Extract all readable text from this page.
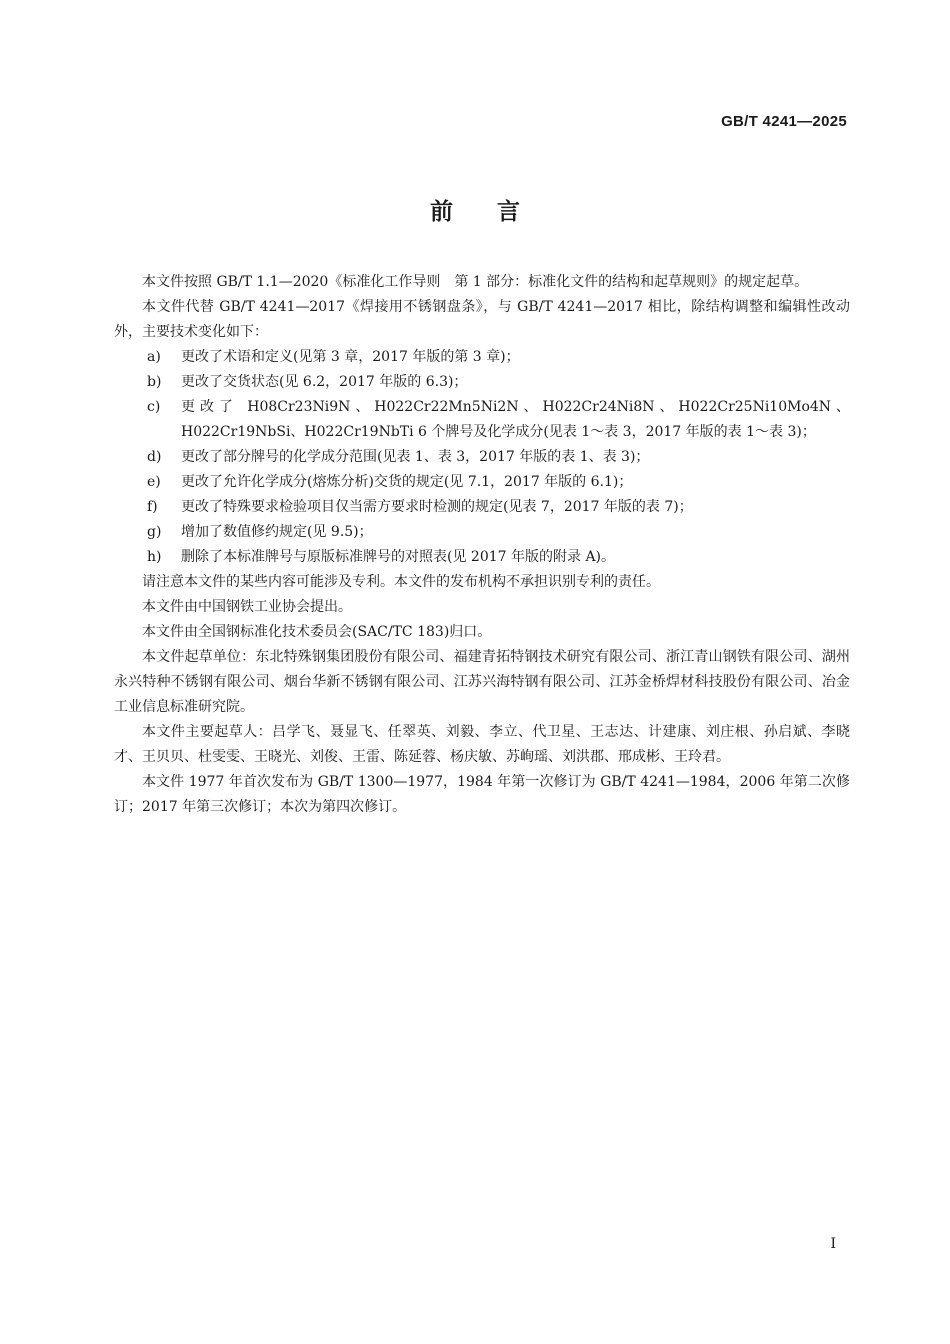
GB/T 4241—2025
前言

本文件按照 GB/T 1.1—2020《标准化工作导则　第 1 部分：标准化文件的结构和起草规则》的规定起草。

本文件代替 GB/T 4241—2017《焊接用不锈钢盘条》，与 GB/T 4241—2017 相比，除结构调整和编辑性改动外，主要技术变化如下：

a)	更改了术语和定义(见第 3 章，2017 年版的第 3 章)；
b)	更改了交货状态(见 6.2，2017 年版的 6.3)；
c)	更改了 H08Cr23Ni9N、H022Cr22Mn5Ni2N、H022Cr24Ni8N、H022Cr25Ni10Mo4N、H022Cr19NbSi、H022Cr19NbTi 6 个牌号及化学成分(见表 1～表 3，2017 年版的表 1～表 3)；
d)	更改了部分牌号的化学成分范围(见表 1、表 3，2017 年版的表 1、表 3)；
e)	更改了允许化学成分(熔炼分析)交货的规定(见 7.1，2017 年版的 6.1)；
f)	更改了特殊要求检验项目仅当需方要求时检测的规定(见表 7，2017 年版的表 7)；
g)	增加了数值修约规定(见 9.5)；
h)	删除了本标准牌号与原版标准牌号的对照表(见 2017 年版的附录 A)。

请注意本文件的某些内容可能涉及专利。本文件的发布机构不承担识别专利的责任。

本文件由中国钢铁工业协会提出。

本文件由全国钢标准化技术委员会(SAC/TC 183)归口。

本文件起草单位：东北特殊钢集团股份有限公司、福建青拓特钢技术研究有限公司、浙江青山钢铁有限公司、湖州永兴特种不锈钢有限公司、烟台华新不锈钢有限公司、江苏兴海特钢有限公司、江苏金桥焊材科技股份有限公司、冶金工业信息标准研究院。

本文件主要起草人：吕学飞、聂显飞、任翠英、刘毅、李立、代卫星、王志达、计建康、刘庄根、孙启斌、李晓才、王贝贝、杜雯雯、王晓光、刘俊、王雷、陈延蓉、杨庆敏、苏峋瑶、刘洪郡、邢成彬、王玲君。

本文件 1977 年首次发布为 GB/T 1300—1977，1984 年第一次修订为 GB/T 4241—1984，2006 年第二次修订；2017 年第三次修订；本次为第四次修订。

I
